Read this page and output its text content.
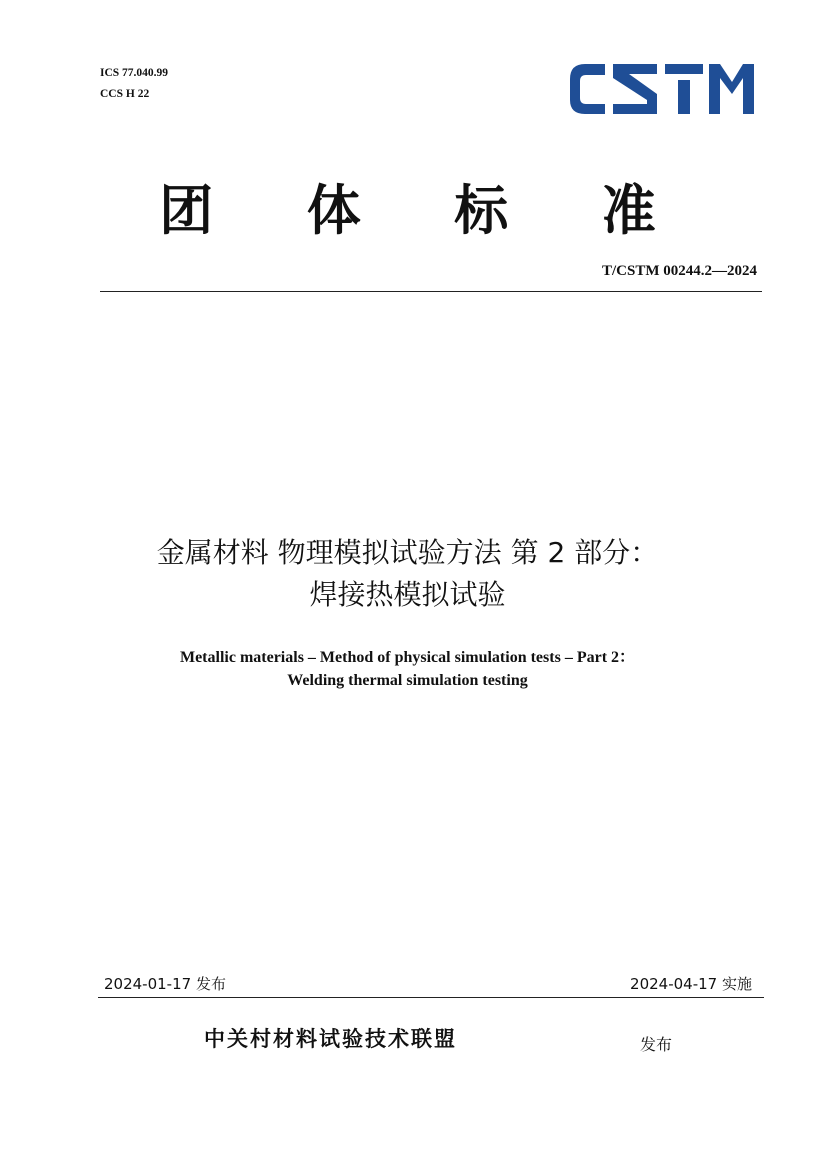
ICS 77.040.99
CCS H 22
团 体 标 准
T/CSTM 00244.2—2024
金属材料 物理模拟试验方法 第 2 部分：
焊接热模拟试验
Metallic materials – Method of physical simulation tests – Part 2：
Welding thermal simulation testing
2024-01-17 发布	2024-04-17 实施
中关村材料试验技术联盟	发布
